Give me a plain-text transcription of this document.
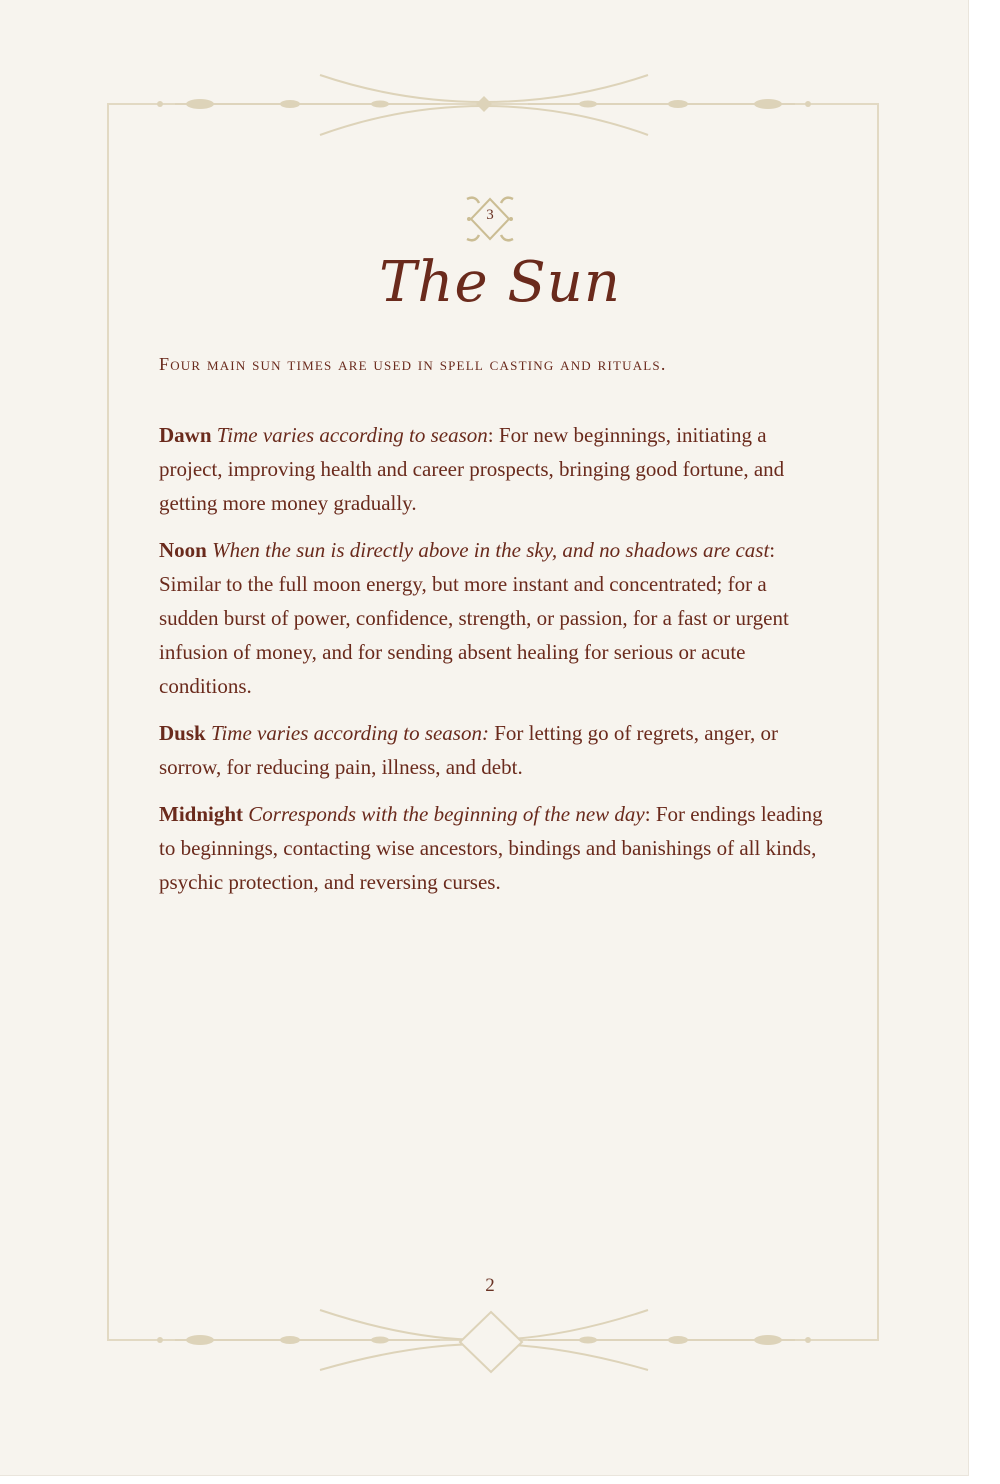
3
The Sun

Four main sun times are used in spell casting and rituals.

Dawn Time varies according to season: For new beginnings, initiating a project, improving health and career prospects, bringing good fortune, and getting more money gradually.

Noon When the sun is directly above in the sky, and no shadows are cast: Similar to the full moon energy, but more instant and concentrated; for a sudden burst of power, confidence, strength, or passion, for a fast or urgent infusion of money, and for sending absent healing for serious or acute conditions.

Dusk Time varies according to season: For letting go of regrets, anger, or sorrow, for reducing pain, illness, and debt.

Midnight Corresponds with the beginning of the new day: For endings leading to beginnings, contacting wise ancestors, bindings and banishings of all kinds, psychic protection, and reversing curses.

2
